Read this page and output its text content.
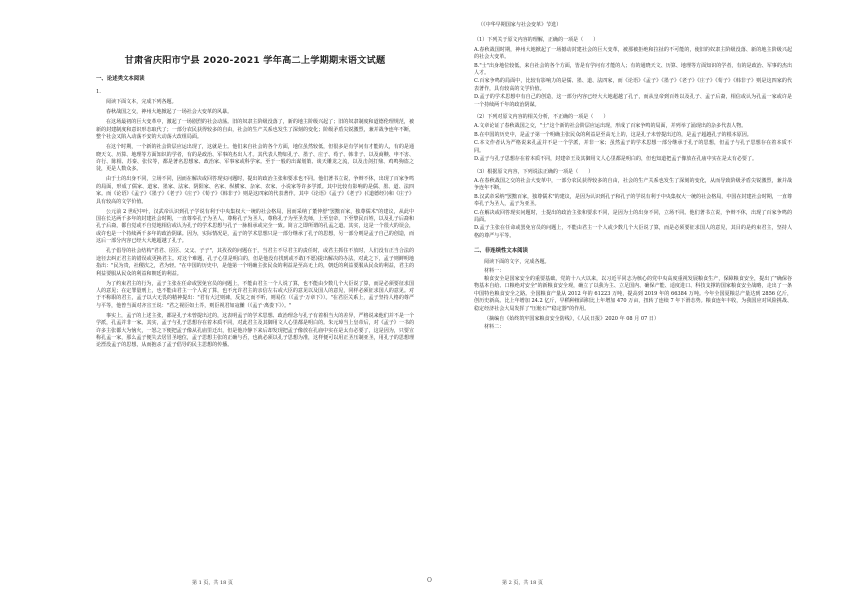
甘肃省庆阳市宁县 2020-2021 学年高二上学期期末语文试题

一、论述类文本阅读

1.

阅读下面文本，完成下列各题。

春秋战国之交，神州大地掀起了一场社会大变革的风暴。

在这场最初的巨大变革中，激起了一场剧烈的社会动荡。旧的奴隶主阶级没落了，新的地主阶级兴起了；旧的奴隶制度和道德伦理规范，被新的封建制度和意识形态取代了；一部分农民获得较多的自由，社会的生产关系也发生了深刻的变化；阶级矛盾尖锐激烈，兼并战争连年不断，整个社会又陷入动荡不安的大动荡大改组局面。

在这个时期，一个新的社会阶层应运出现了，这就是士。他们来自社会的各个方面，地位虽然较低，但很多是有学问有才能的人，有的是通晓天文、历算、地理等方面知识的学者，有的是政治、军事的杰出人才。其代表人物如孔子、墨子、庄子、荀子、韩非子、以及商鞅、申不害、许行、陈相、苏秦、张仪等，都是著名思想家、政治家、军事家或科学家。至于一般的出谋划策、谈天雕龙之流，以及击剑打鼎、鸡鸣狗盗之徒，更是人数众多。

由于士的出身不同，立场不同，因而在解决或回答现实问题时，提出的政治主张和要求也不同。他们著书立说，争辩不休，出现了百家争鸣的局面，形成了儒家、道家、墨家、法家、阴阳家、名家、纵横家、杂家、农家、小说家等许多学派。其中比较有影响的是儒、墨、道、法四家。而《论语》《孟子》《墨子》《老子》《庄子》《荀子》《韩非子》则是这四家的代表著作。其中《论语》《孟子》《老子》(《道德经》)和《庄子》具有较高的文学价值。

公元前 2 世纪中叶，汉武帝认识到孔子学说有利于中央集权大一统的社会格局，因而采纳了董仲舒"罢黜百家，独尊儒术"的建议，从此中国在长达两千多年的封建社会时期，一直尊奉孔子为圣人，尊称孔子为圣人，尊称孔子为至圣先师，上至皇帝，下至黎民百姓，以及孔子后裔和孔子后裔，都自觉或不自觉地相信或认为孔子的学术思想与孔子一脉相承或完全一致。简言之即所谓的孔孟之道。其实，这是一个很大的误会，或许也是一个持续两千多年的政治阴谋。因为，实际情况是，孟子的学术思想只是一部分继承了孔子的思想，另一部分则是孟子自己的创造，而这后一部分内容已经大大地超越了孔子。

孔子倡导的社会结构"君君、臣臣、父父、子子"，其孜孜的问题在于，当君主不尽君主的责任时，或君主抓住不放时，人们没有正当合法的途径去纠正君主的错误或更换君主。对这个难题，孔子心里是明白的，但是他没有找到或不敢(不愿)提出解决的办法，对此之下，孟子则鲜明地指出："民为贵，社稷次之，君为轻。"在中国的历史中，是他第一个明确主张民众的利益是至高无上的，朝廷的利益要服从民众的利益，君主的利益要服从民众的利益和朝廷的利益。

为了约束君主的行为，孟子主张在任命或罢免官员的问题上，不能由君主一个人说了算，也不能由少数几个大臣说了算，而是必须要征求国人的意见；在定罪量刑上，也不能由君主一个人说了算，也不允许君主的亲信左右或大臣的意见以及国人的意见，同样必须征求国人的意见。对于不称职的君主，孟子以大无畏的精神提出："君有大过则谏，反复之而不听，则易位（《孟子·万章下》）。"在君臣关系上，孟子坚持人格的尊严与平等，他曾当面对齐宣王说："君之视臣如土芥，则臣视君如寇雠（《孟子·离娄下》）。"

事实上，孟子的上述主张，都是孔子未曾提出过的，这表明孟子的学术思想、政治理念与孔子有着相当大的差异，严格说来他们并不是一个学派，孔孟并非一家。其实，孟子与孔子思想存在着本质不同，对此君主及其御用文人心里都是明白的。朱元璋当上皇帝后，对《孟子》一书的许多主张都大为恼火，一怒之下便把孟子像从孔庙里迁出，但是他冷静下来后却发现把孟子像放在孔庙中实在是太有必要了，这是因为，只要宣称孔孟一家，那么孟子便失去居冒圣地位，孟子思想主张的正确与否，也就必须以孔子思想为准，这样便可以用正圣压制亚圣，用孔子的思想理论湮没孟子的思想，从而抱杀了孟子倡导的民主思想的传播。

（《中华早期国家与社会变革》节选）

（1）下列关于原文内容的理解，正确的一项是（　　）

A.春秋战国时期，神州大地掀起了一场撼动封建社会的巨大变革，被那被拒绝和拉扯的不可能的，使旧的奴隶主阶级没落、新的地主阶级兴起的社会大变革。

B."士"出身地位较低，来自社会的各个方面，皆是有学问有才能的人；有的通晓天文、历算、地理等方面知识的学者，有的是政治、军事的杰出人才。

C.百家争鸣的局面中，比较有影响力的是儒、墨、道、法四家，而《论语》《孟子》《墨子》《老子》《庄子》《荀子》《韩非子》则是这四家的代表著作，具有较高的文学价值。

D.孟子的学术思想中有自己的创造，这一部分内容已经大大地超越了孔子，而从皇帝到百姓以及孔子、孟子后裔，相信或认为孔孟一家或许是一个持续两千年的政治阴谋。

（2）下列对原文内容的相关分析，不正确的一项是（　　）

A.文章论证了春秋战国之交，"士"这个新的社会阶层应运出现，形成了百家争鸣的局面，并列举了涌现出的杂多代表人物。

B.在中国的历史中，是孟子第一个明确主张民众的利益是至高无上的，这是孔子未曾提出过的，是孟子超越孔子的根本原因。

C.本文作者认为严格说来孔孟并不是一个学派，并非一家；虽然孟子的学术思想一部分继承于孔子的思想，但孟子与孔子思想存在着本质不同。

D.孟子与孔子思想存在着本质不同，封建帝王及其御用文人心里都是明白的，但也知道把孟子像放在孔庙中实在是太有必要了。

（3）根据原文内容，下列说法正确的一项是（　　）

A.在春秋战国之交的社会大变革中，一部分农民获得较多的自由，社会的生产关系也发生了深刻的变化，从而导致阶级矛盾尖锐激烈，兼并战争连年不断。

B.汉武帝采纳"罢黜百家，独尊儒术"的建议，是因为认识到孔子和孔子的学说有利于中央集权大一统的社会格局，中国在封建社会时期，一直尊奉孔子为圣人，孟子为亚圣。

C.在解决或回答现实问题时，士提出的政治主张和要求不同，是因为士的出身不同，立场不同。他们著书立说，争辩不休，出现了百家争鸣的局面。

D.孟子主张在任命或罢免官员的问题上，不能由君主一个人或少数几个大臣说了算，而是必须要征求国人的意见，其目的是约束君主，坚持人格的尊严与平等。

二、非连续性文本阅读

阅读下面的文字，完成各题。

材料一：

粮食安全是国家安全的重要基础。党的十八大以来，以习近平同志为核心的党中央高度重视发展粮食生产，保障粮食安全，提出了"确保谷物基本自给、口粮绝对安全"的新粮食安全观，确立了以我为主、立足国内、确保产能、适度进口、科技支撑的国家粮食安全战略，走出了一条中国特色粮食安全之路。全国粮食产量从 2012 年的 61223 万吨，提高到 2019 年的 66384 万吨。今年全国夏粮总产量达到 2856 亿斤，创历史新高。比上年增加 24.2 亿斤，早稻种植面积比上年增加 470 万亩，扭转了连续 7 年下滑态势。粮食连年丰收，为我国应对风险挑战、稳定经济社会大局发挥了"压舱石""稳定器"的作用。

（摘编自《始终筑牢国家粮食安全防线》，《人民日报》2020 年 08 月 07 日）

材料二：

第 1 页，共 18 页	O	第 2 页，共 18 页
